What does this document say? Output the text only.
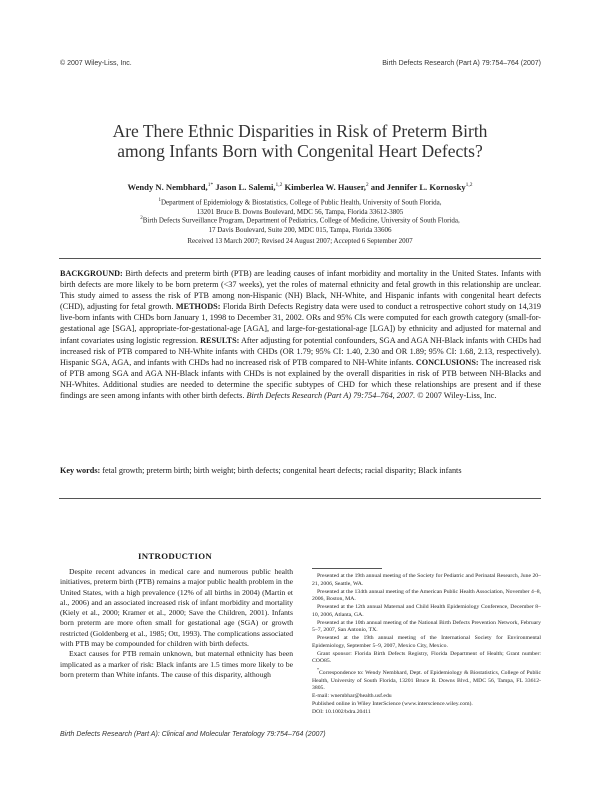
© 2007 Wiley-Liss, Inc.	Birth Defects Research (Part A) 79:754–764 (2007)
Are There Ethnic Disparities in Risk of Preterm Birth
among Infants Born with Congenital Heart Defects?
Wendy N. Nembhard,$^{1*}$ Jason L. Salemi,$^{1,2}$ Kimberlea W. Hauser,$^2$ and Jennifer L. Kornosky$^{1,2}$
$^1$Department of Epidemiology & Biostatistics, College of Public Health, University of South Florida,
13201 Bruce B. Downs Boulevard, MDC 56, Tampa, Florida 33612-3805
$^2$Birth Defects Surveillance Program, Department of Pediatrics, College of Medicine, University of South Florida,
17 Davis Boulevard, Suite 200, MDC 015, Tampa, Florida 33606
Received 13 March 2007; Revised 24 August 2007; Accepted 6 September 2007
BACKGROUND: Birth defects and preterm birth (PTB) are leading causes of infant morbidity and mortality in the United States. Infants with birth defects are more likely to be born preterm (<37 weeks), yet the roles of maternal ethnicity and fetal growth in this relationship are unclear. This study aimed to assess the risk of PTB among non-Hispanic (NH) Black, NH-White, and Hispanic infants with congenital heart defects (CHD), adjusting for fetal growth. METHODS: Florida Birth Defects Registry data were used to conduct a retrospective cohort study on 14,319 live-born infants with CHDs born January 1, 1998 to December 31, 2002. ORs and 95% CIs were computed for each growth category (small-for-gestational age [SGA], appropriate-for-gestational-age [AGA], and large-for-gestational-age [LGA]) by ethnicity and adjusted for maternal and infant covariates using logistic regression. RESULTS: After adjusting for potential confounders, SGA and AGA NH-Black infants with CHDs had increased risk of PTB compared to NH-White infants with CHDs (OR 1.79; 95% CI: 1.40, 2.30 and OR 1.89; 95% CI: 1.68, 2.13, respectively). Hispanic SGA, AGA, and infants with CHDs had no increased risk of PTB compared to NH-White infants. CONCLUSIONS: The increased risk of PTB among SGA and AGA NH-Black infants with CHDs is not explained by the overall disparities in risk of PTB between NH-Blacks and NH-Whites. Additional studies are needed to determine the specific subtypes of CHD for which these relationships are present and if these findings are seen among infants with other birth defects. Birth Defects Research (Part A) 79:754–764, 2007. © 2007 Wiley-Liss, Inc.
Key words: fetal growth; preterm birth; birth weight; birth defects; congenital heart defects; racial disparity; Black infants
INTRODUCTION

Despite recent advances in medical care and numerous public health initiatives, preterm birth (PTB) remains a major public health problem in the United States, with a high prevalence (12% of all births in 2004) (Martin et al., 2006) and an associated increased risk of infant morbidity and mortality (Kiely et al., 2000; Kramer et al., 2000; Save the Children, 2001). Infants born preterm are more often small for gestational age (SGA) or growth restricted (Goldenberg et al., 1985; Ott, 1993). The complications associated with PTB may be compounded for children with birth defects.

Exact causes for PTB remain unknown, but maternal ethnicity has been implicated as a marker of risk: Black infants are 1.5 times more likely to be born preterm than White infants. The cause of this disparity, although

Presented at the 19th annual meeting of the Society for Pediatric and Perinatal Research, June 20–21, 2006, Seattle, WA.

Presented at the 134th annual meeting of the American Public Health Association, November 4–8, 2006, Boston, MA.

Presented at the 12th annual Maternal and Child Health Epidemiology Conference, December 8–10, 2006, Atlanta, GA.

Presented at the 10th annual meeting of the National Birth Defects Prevention Network, February 5–7, 2007, San Antonio, TX.

Presented at the 19th annual meeting of the International Society for Environmental Epidemiology, September 5–9, 2007, Mexico City, Mexico.

Grant sponsor: Florida Birth Defects Registry, Florida Department of Health; Grant number: COO85.

*Correspondence to: Wendy Nembhard, Dept. of Epidemiology & Biostatistics, College of Public Health, University of South Florida, 13201 Bruce B. Downs Blvd., MDC 56, Tampa, FL 33612-3805.

E-mail: wnembhar@health.usf.edu

Published online in Wiley InterScience (www.interscience.wiley.com).

DOI: 10.1002/bdra.20411

Birth Defects Research (Part A): Clinical and Molecular Teratology 79:754–764 (2007)
